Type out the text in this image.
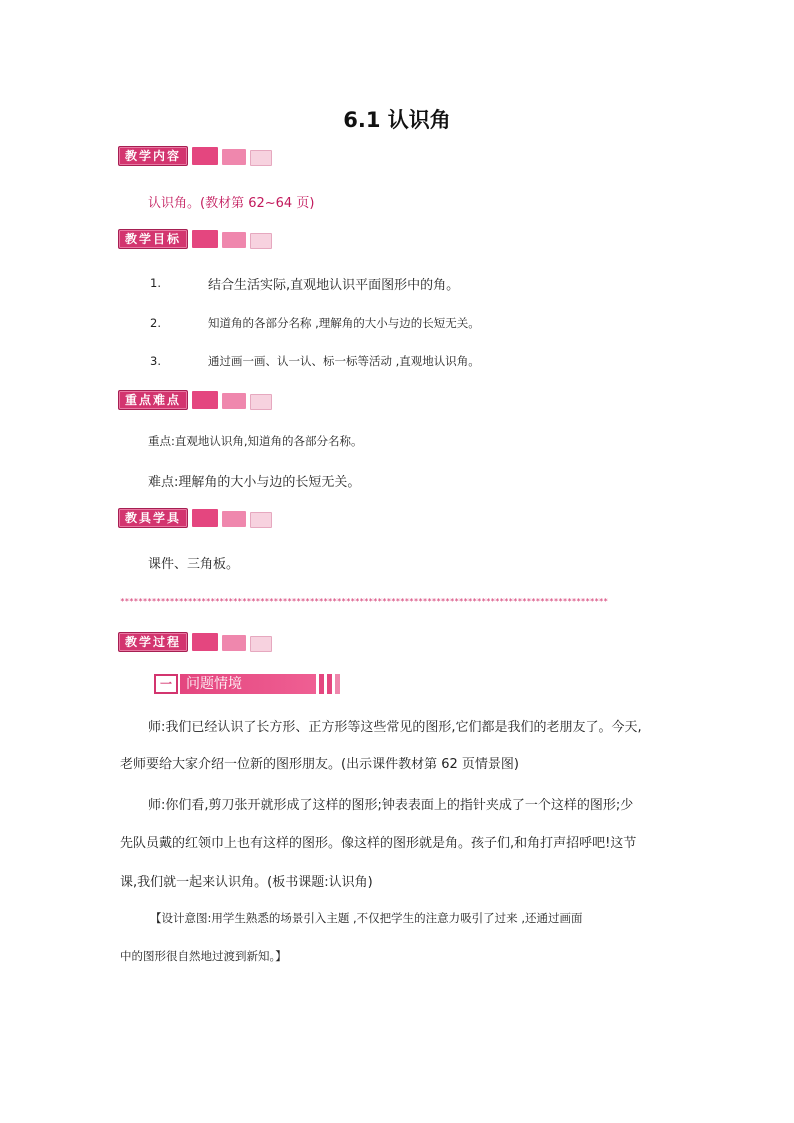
6.1 认识角
教学内容
认识角。(教材第 62~64 页)
教学目标
1.	结合生活实际,直观地认识平面图形中的角。
2.	知道角的各部分名称 ,理解角的大小与边的长短无关。
3.	通过画一画、认一认、标一标等活动 ,直观地认识角。
重点难点
重点:直观地认识角,知道角的各部分名称。
难点:理解角的大小与边的长短无关。
教具学具
课件、三角板。
************************************************************************************************************
教学过程
一	问题情境
师:我们已经认识了长方形、正方形等这些常见的图形,它们都是我们的老朋友了。今天,
老师要给大家介绍一位新的图形朋友。(出示课件教材第 62 页情景图)
师:你们看,剪刀张开就形成了这样的图形;钟表表面上的指针夹成了一个这样的图形;少
先队员戴的红领巾上也有这样的图形。像这样的图形就是角。孩子们,和角打声招呼吧!这节
课,我们就一起来认识角。(板书课题:认识角)
【设计意图:用学生熟悉的场景引入主题 ,不仅把学生的注意力吸引了过来 ,还通过画面
中的图形很自然地过渡到新知。】
